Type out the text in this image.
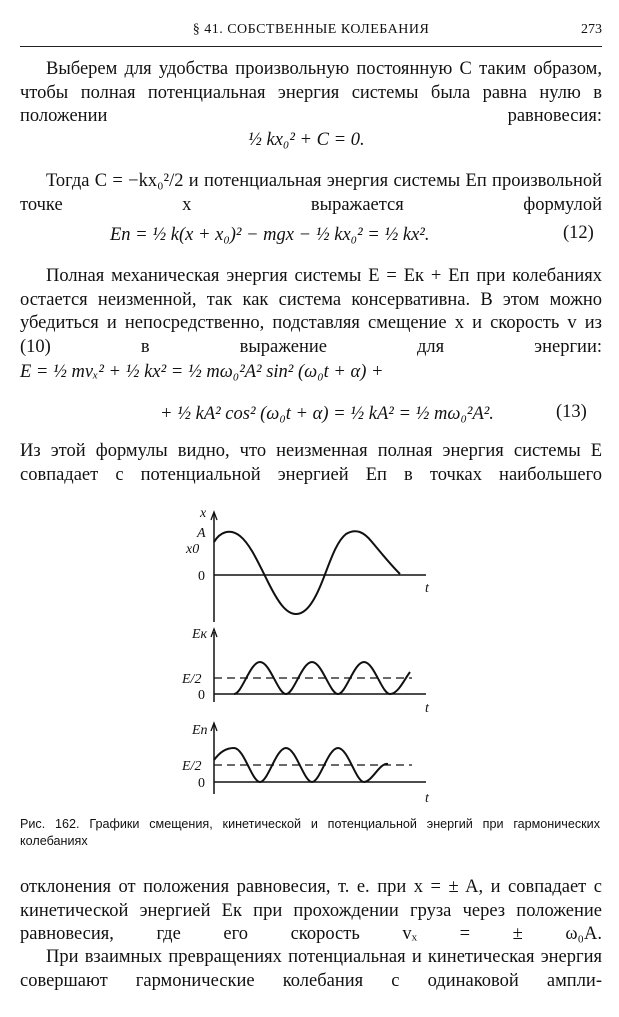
§ 41. СОБСТВЕННЫЕ КОЛЕБАНИЯ	273
Выберем для удобства произвольную постоянную C таким образом, чтобы полная потенциальная энергия системы была равна нулю в положении равновесия:
½ kx₀² + C = 0.
Тогда C = −kx₀²/2 и потенциальная энергия системы Eп произвольной точке x выражается формулой
Eп = ½ k(x + x₀)² − mgx − ½ kx₀² = ½ kx².	(12)
Полная механическая энергия системы E = Eк + Eп при колебаниях остается неизменной, так как система консервативна. В этом можно убедиться и непосредственно, подставляя смещение x и скорость v из (10) в выражение для энергии:
E = ½ mvₓ² + ½ kx² = ½ mω₀²A² sin² (ω₀t + α) +
+ ½ kA² cos² (ω₀t + α) = ½ kA² = ½ mω₀²A².	(13)
Из этой формулы видно, что неизменная полная энергия системы E совпадает с потенциальной энергией Eп в точках наибольшего
x
A
x0
0
t
Eк
E/2
0
t
Eп
E/2
0
t
Рис. 162. Графики смещения, кинетической и потенциальной энергий при гармонических колебаниях
отклонения от положения равновесия, т. е. при x = ± A, и совпадает с кинетической энергией Eк при прохождении груза через положение равновесия, где его скорость vₓ = ± ω₀A.
При взаимных превращениях потенциальная и кинетическая энергия совершают гармонические колебания с одинаковой ампли-
